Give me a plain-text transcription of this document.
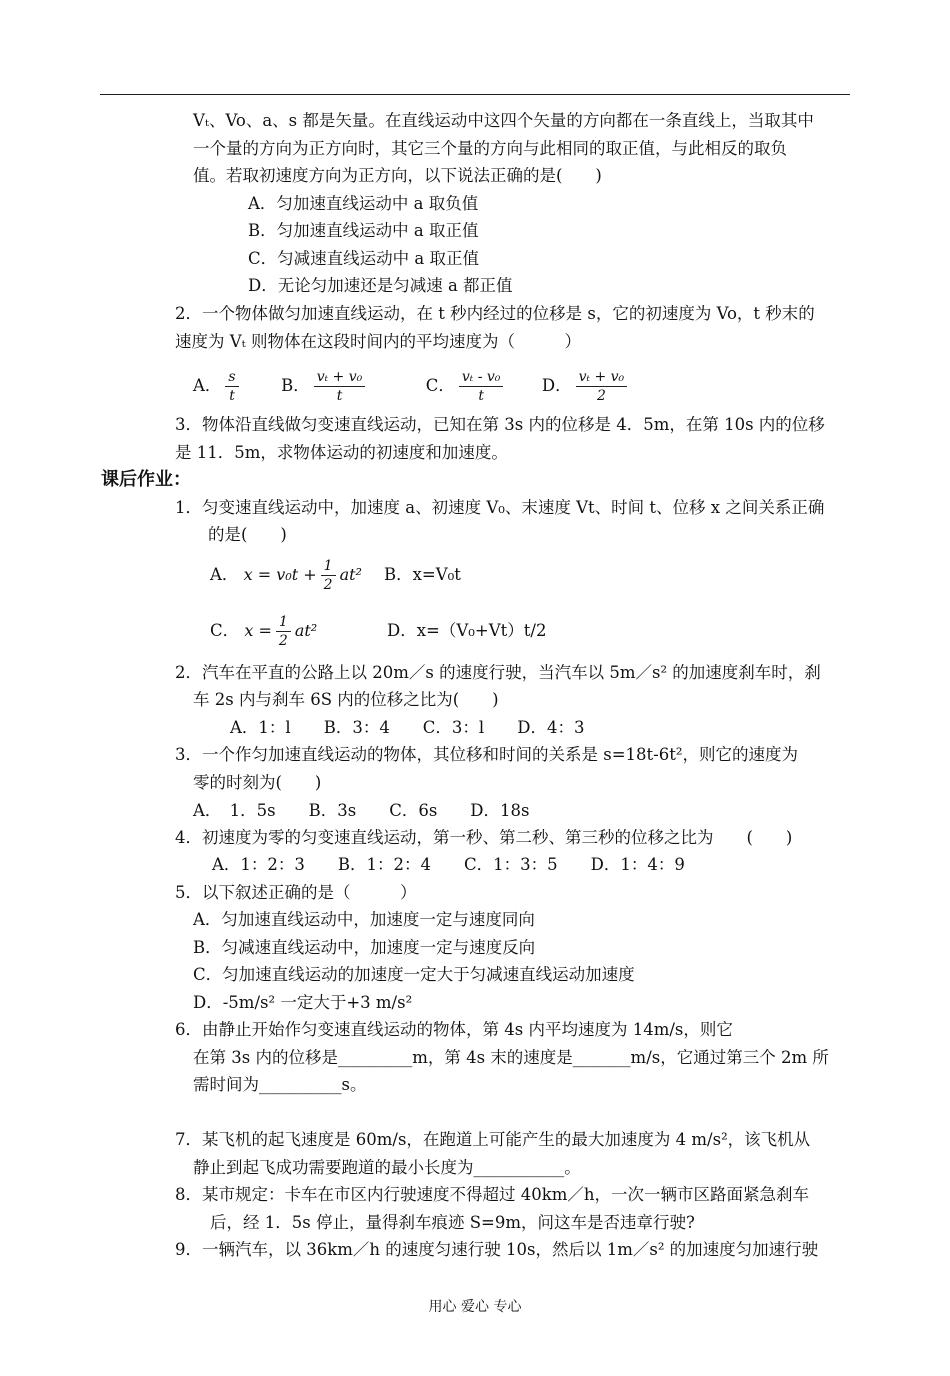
Vₜ、Vo、a、s 都是矢量。在直线运动中这四个矢量的方向都在一条直线上，当取其中
一个量的方向为正方向时，其它三个量的方向与此相同的取正值，与此相反的取负
值。若取初速度方向为正方向，以下说法正确的是(　　)
A．匀加速直线运动中 a 取负值
B．匀加速直线运动中 a 取正值
C．匀减速直线运动中 a 取正值
D．无论匀加速还是匀减速 a 都正值
2．一个物体做匀加速直线运动，在 t 秒内经过的位移是 s，它的初速度为 Vo，t 秒末的
速度为 Vₜ 则物体在这段时间内的平均速度为（　　　）
A． $\frac{s}{t}$	B． $\frac{\text{vₜ + v₀}}{t}$	C． $\frac{\text{vₜ - v₀}}{t}$ D． $\frac{\text{vₜ + v₀}}{2}$
3．物体沿直线做匀变速直线运动，已知在第 3s 内的位移是 4．5m，在第 10s 内的位移
是 11．5m，求物体运动的初速度和加速度。
课后作业：
1．匀变速直线运动中，加速度 a、初速度 V₀、末速度 Vt、时间 t、位移 x 之间关系正确
的是(　　)
A． $x = v_0t + \frac{1}{2} at^2$ B．x=V₀t
C． $x = \frac{1}{2} at^2$	D．x=（V₀+Vt）t/2
2．汽车在平直的公路上以 20m／s 的速度行驶，当汽车以 5m／s² 的加速度刹车时，刹
车 2s 内与刹车 6S 内的位移之比为(　　)
A．1：l　　B．3：4　　C．3：l　　D．4：3
3．一个作匀加速直线运动的物体，其位移和时间的关系是 s=18t-6t²，则它的速度为
零的时刻为(　　)
A．　1．5s　　B．3s　　C．6s　　D．18s
4．初速度为零的匀变速直线运动，第一秒、第二秒、第三秒的位移之比为　　(　　)
A．1：2：3　　B．1：2：4　　C．1：3：5　　D．1：4：9
5．以下叙述正确的是（　　　）
A．匀加速直线运动中，加速度一定与速度同向
B．匀减速直线运动中，加速度一定与速度反向
C．匀加速直线运动的加速度一定大于匀减速直线运动加速度
D．-5m/s² 一定大于+3 m/s²
6．由静止开始作匀变速直线运动的物体，第 4s 内平均速度为 14m/s，则它
在第 3s 内的位移是_________m，第 4s 末的速度是_______m/s，它通过第三个 2m 所
需时间为__________s。
7．某飞机的起飞速度是 60m/s，在跑道上可能产生的最大加速度为 4 m/s²，该飞机从
静止到起飞成功需要跑道的最小长度为___________。
8．某市规定：卡车在市区内行驶速度不得超过 40km／h，一次一辆市区路面紧急刹车
后，经 1．5s 停止，量得刹车痕迹 S=9m，问这车是否违章行驶?
9．一辆汽车，以 36km／h 的速度匀速行驶 10s，然后以 1m／s² 的加速度匀加速行驶
用心 爱心 专心
